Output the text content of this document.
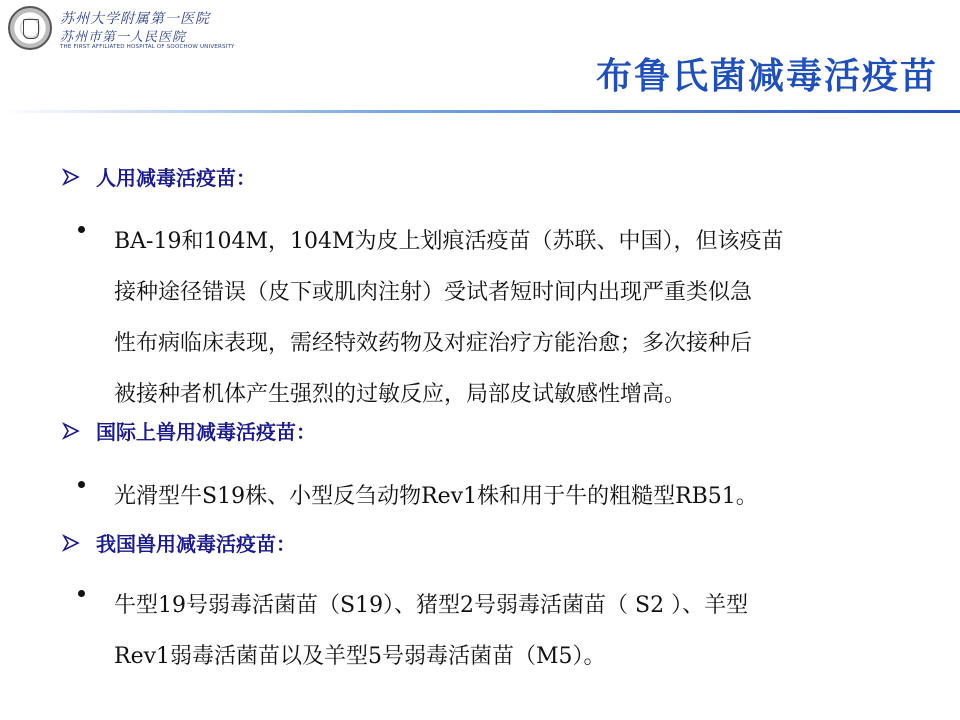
苏州大学附属第一医院
苏州市第一人民医院
THE FIRST AFFILIATED HOSPITAL OF SOOCHOW UNIVERSITY
布鲁氏菌减毒活疫苗
人用减毒活疫苗：
BA-19和104M，104M为皮上划痕活疫苗（苏联、中国），但该疫苗
接种途径错误（皮下或肌肉注射）受试者短时间内出现严重类似急
性布病临床表现，需经特效药物及对症治疗方能治愈；多次接种后
被接种者机体产生强烈的过敏反应，局部皮试敏感性增高。
国际上兽用减毒活疫苗：
光滑型牛S19株、小型反刍动物Rev1株和用于牛的粗糙型RB51。
我国兽用减毒活疫苗：
牛型19号弱毒活菌苗（S19）、猪型2号弱毒活菌苗（ S2 ）、羊型
Rev1弱毒活菌苗以及羊型5号弱毒活菌苗（M5）。
